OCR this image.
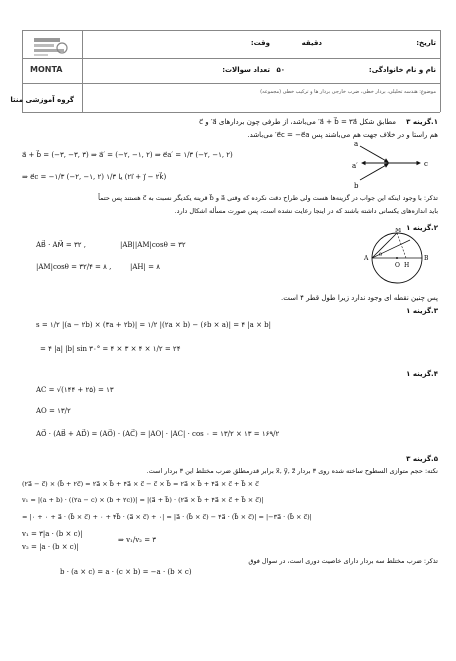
MONTA
تاریخ:
وقت:	دقیقه
نام و نام خانوادگی:
تعداد سوالات: ۵۰
موضوع: هندسه تحلیلی، بردار خطی، ضرب خارجی بردار ها و ترکیب خطی (مجموعه)
گروه آموزشی منتا
۱.گزینه ۳
مطابق شکل a⃗ + b⃗ = ۳a⃗′ می‌باشد، از طرفی چون بردارهای a⃗′ و c⃗
هم راستا و در خلاف جهت هم می‌باشند پس e⃗c = −e⃗a′ می‌باشد.
a⃗ + b⃗ = (−۳, −۳, ۳) ⇒ a⃗′ = (−۲, −۱, ۲) ⇒ e⃗a′ = ۱/۳ (−۲, −۱, ۲)
⇒ e⃗c = −۱/۳ (−۲, −۱, ۲) یا ۱/۳ (۲i⃗ + j⃗ − ۲k⃗)
a
a′	c
b
تذکر: با وجود اینکه این جواب در گزینه‌ها هست ولی طراح دقت نکرده که وقتی a⃗ و b⃗ قرینه یکدیگر نسبت به c⃗ هستند پس حتماً
باید اندازه‌های یکسانی داشته باشند که در اینجا رعایت نشده است، پس صورت مسأله اشکال دارد.
۲.گزینه ۱
AB⃗ · AM⃗ = ۳۲ ,	|AB||AM|cosθ = ۳۲
|AM|cosθ = ۳۲/۴ = ۸ ,	|AH| = ۸
M
A
O H
B
θ
پس چنین نقطه ای وجود ندارد زیرا طول قطر ۴ است.
۳.گزینه ۱
s = ۱/۲ |(a − ۲b) × (۳a + ۲b)| = ۱/۲ |(۲a × b) − (۶b × a)| = ۴ |a × b|
= ۴ |a| |b| sin ۳۰° = ۴ × ۳ × ۴ × ۱/۲ = ۲۴
۴.گزینه ۱
AC = √(۱۴۴ + ۲۵) = ۱۳
AO = ۱۳/۲
AO⃗ · (AB⃗ + AD⃗) = (AO⃗) · (AC⃗) = |AO| · |AC| · cos ۰ = ۱۳/۲ × ۱۳ = ۱۶۹/۲
۵.گزینه ۳
نکته: حجم متوازی السطوح ساخته شده روی ۳ بردار x⃗, y⃗, z⃗ برابر قدرمطلق ضرب مختلط این ۳ بردار است.
(۲a⃗ − c⃗) × (b⃗ + ۲c⃗) = ۲a⃗ × b⃗ + ۴a⃗ × c⃗ − c⃗ × b⃗ = ۲a⃗ × b⃗ + ۴a⃗ × c⃗ + b⃗ × c⃗
v₁ = |(a + b) · ((۲a − c) × (b + ۲c))| = |(a⃗ + b⃗) · (۲a⃗ × b⃗ + ۴a⃗ × c⃗ + b⃗ × c⃗)|
= |۰ + ۰ + a⃗ · (b⃗ × c⃗) + ۰ + ۴b⃗ · (a⃗ × c⃗) + ۰| = |a⃗ · (b⃗ × c⃗) − ۴a⃗ · (b⃗ × c⃗)| = |−۳a⃗ · (b⃗ × c⃗)|
v₁ = ۳|a · (b × c)|
v₂ = |a · (b × c)|
⇒ v₁/v₂ = ۳
تذکر: ضرب مختلط سه بردار دارای خاصیت دوری است، در سوال فوق
b · (a × c) = a · (c × b) = −a · (b × c)
